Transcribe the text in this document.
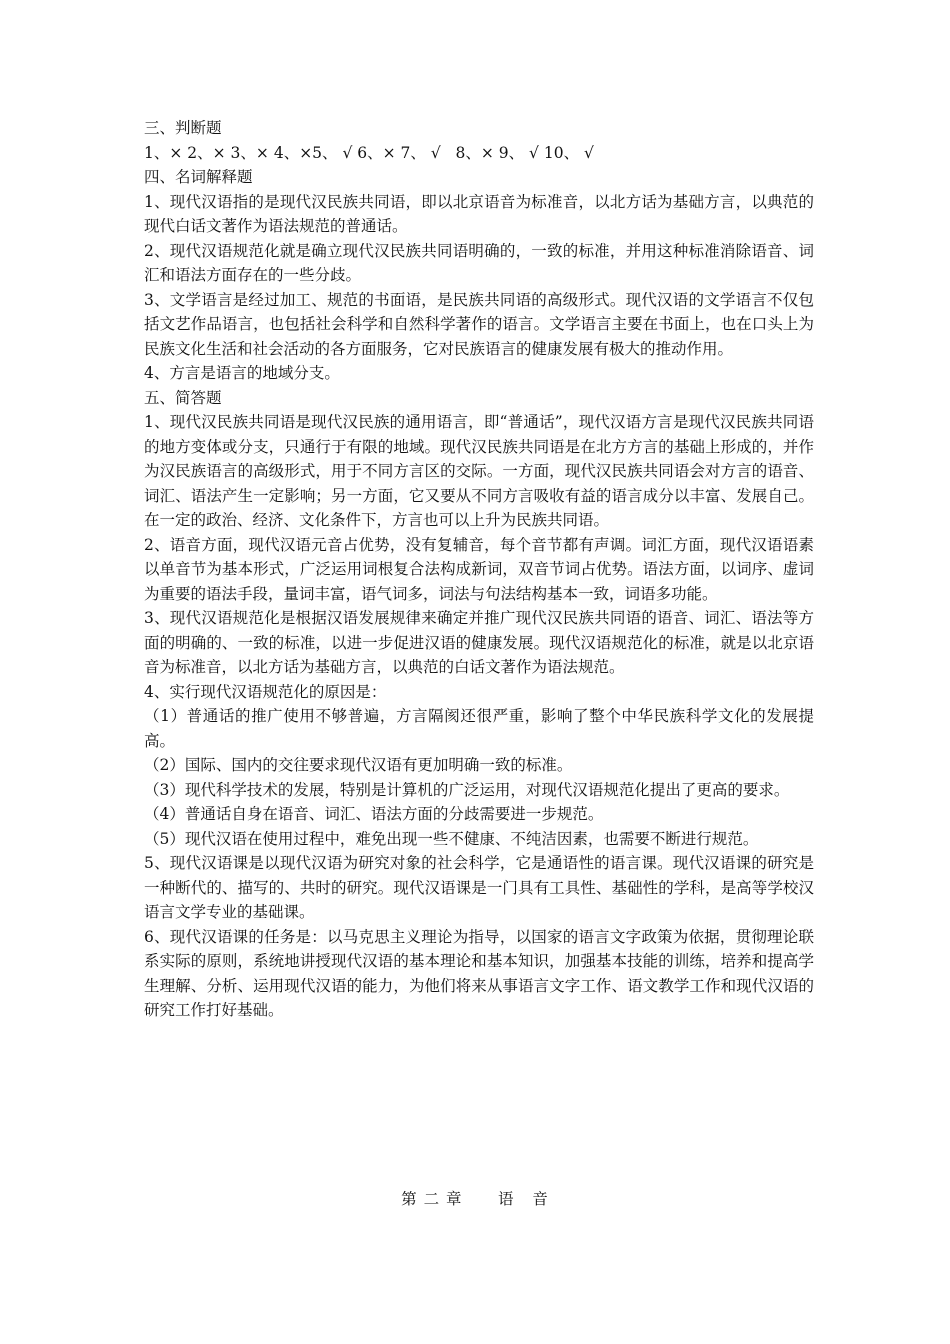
三、判断题

1、× 2、× 3、× 4、×5、 √ 6、× 7、 √   8、× 9、 √ 10、 √

四、名词解释题

1、现代汉语指的是现代汉民族共同语，即以北京语音为标准音，以北方话为基础方言，以典范的现代白话文著作为语法规范的普通话。

2、现代汉语规范化就是确立现代汉民族共同语明确的，一致的标准，并用这种标准消除语音、词汇和语法方面存在的一些分歧。

3、文学语言是经过加工、规范的书面语，是民族共同语的高级形式。现代汉语的文学语言不仅包括文艺作品语言，也包括社会科学和自然科学著作的语言。文学语言主要在书面上，也在口头上为民族文化生活和社会活动的各方面服务，它对民族语言的健康发展有极大的推动作用。

4、方言是语言的地域分支。

五、简答题

1、现代汉民族共同语是现代汉民族的通用语言，即“普通话”，现代汉语方言是现代汉民族共同语的地方变体或分支，只通行于有限的地域。现代汉民族共同语是在北方方言的基础上形成的，并作为汉民族语言的高级形式，用于不同方言区的交际。一方面，现代汉民族共同语会对方言的语音、词汇、语法产生一定影响；另一方面，它又要从不同方言吸收有益的语言成分以丰富、发展自己。在一定的政治、经济、文化条件下，方言也可以上升为民族共同语。

2、语音方面，现代汉语元音占优势，没有复辅音，每个音节都有声调。词汇方面，现代汉语语素以单音节为基本形式，广泛运用词根复合法构成新词，双音节词占优势。语法方面，以词序、虚词为重要的语法手段，量词丰富，语气词多，词法与句法结构基本一致，词语多功能。

3、现代汉语规范化是根据汉语发展规律来确定并推广现代汉民族共同语的语音、词汇、语法等方面的明确的、一致的标准，以进一步促进汉语的健康发展。现代汉语规范化的标准，就是以北京语音为标准音，以北方话为基础方言，以典范的白话文著作为语法规范。

4、实行现代汉语规范化的原因是：

（1）普通话的推广使用不够普遍，方言隔阂还很严重，影响了整个中华民族科学文化的发展提高。

（2）国际、国内的交往要求现代汉语有更加明确一致的标准。

（3）现代科学技术的发展，特别是计算机的广泛运用，对现代汉语规范化提出了更高的要求。

（4）普通话自身在语音、词汇、语法方面的分歧需要进一步规范。

（5）现代汉语在使用过程中，难免出现一些不健康、不纯洁因素，也需要不断进行规范。

5、现代汉语课是以现代汉语为研究对象的社会科学，它是通语性的语言课。现代汉语课的研究是一种断代的、描写的、共时的研究。现代汉语课是一门具有工具性、基础性的学科，是高等学校汉语言文学专业的基础课。

6、现代汉语课的任务是：以马克思主义理论为指导，以国家的语言文字政策为依据，贯彻理论联系实际的原则，系统地讲授现代汉语的基本理论和基本知识，加强基本技能的训练，培养和提高学生理解、分析、运用现代汉语的能力，为他们将来从事语言文字工作、语文教学工作和现代汉语的研究工作打好基础。

第 二 章      语   音
